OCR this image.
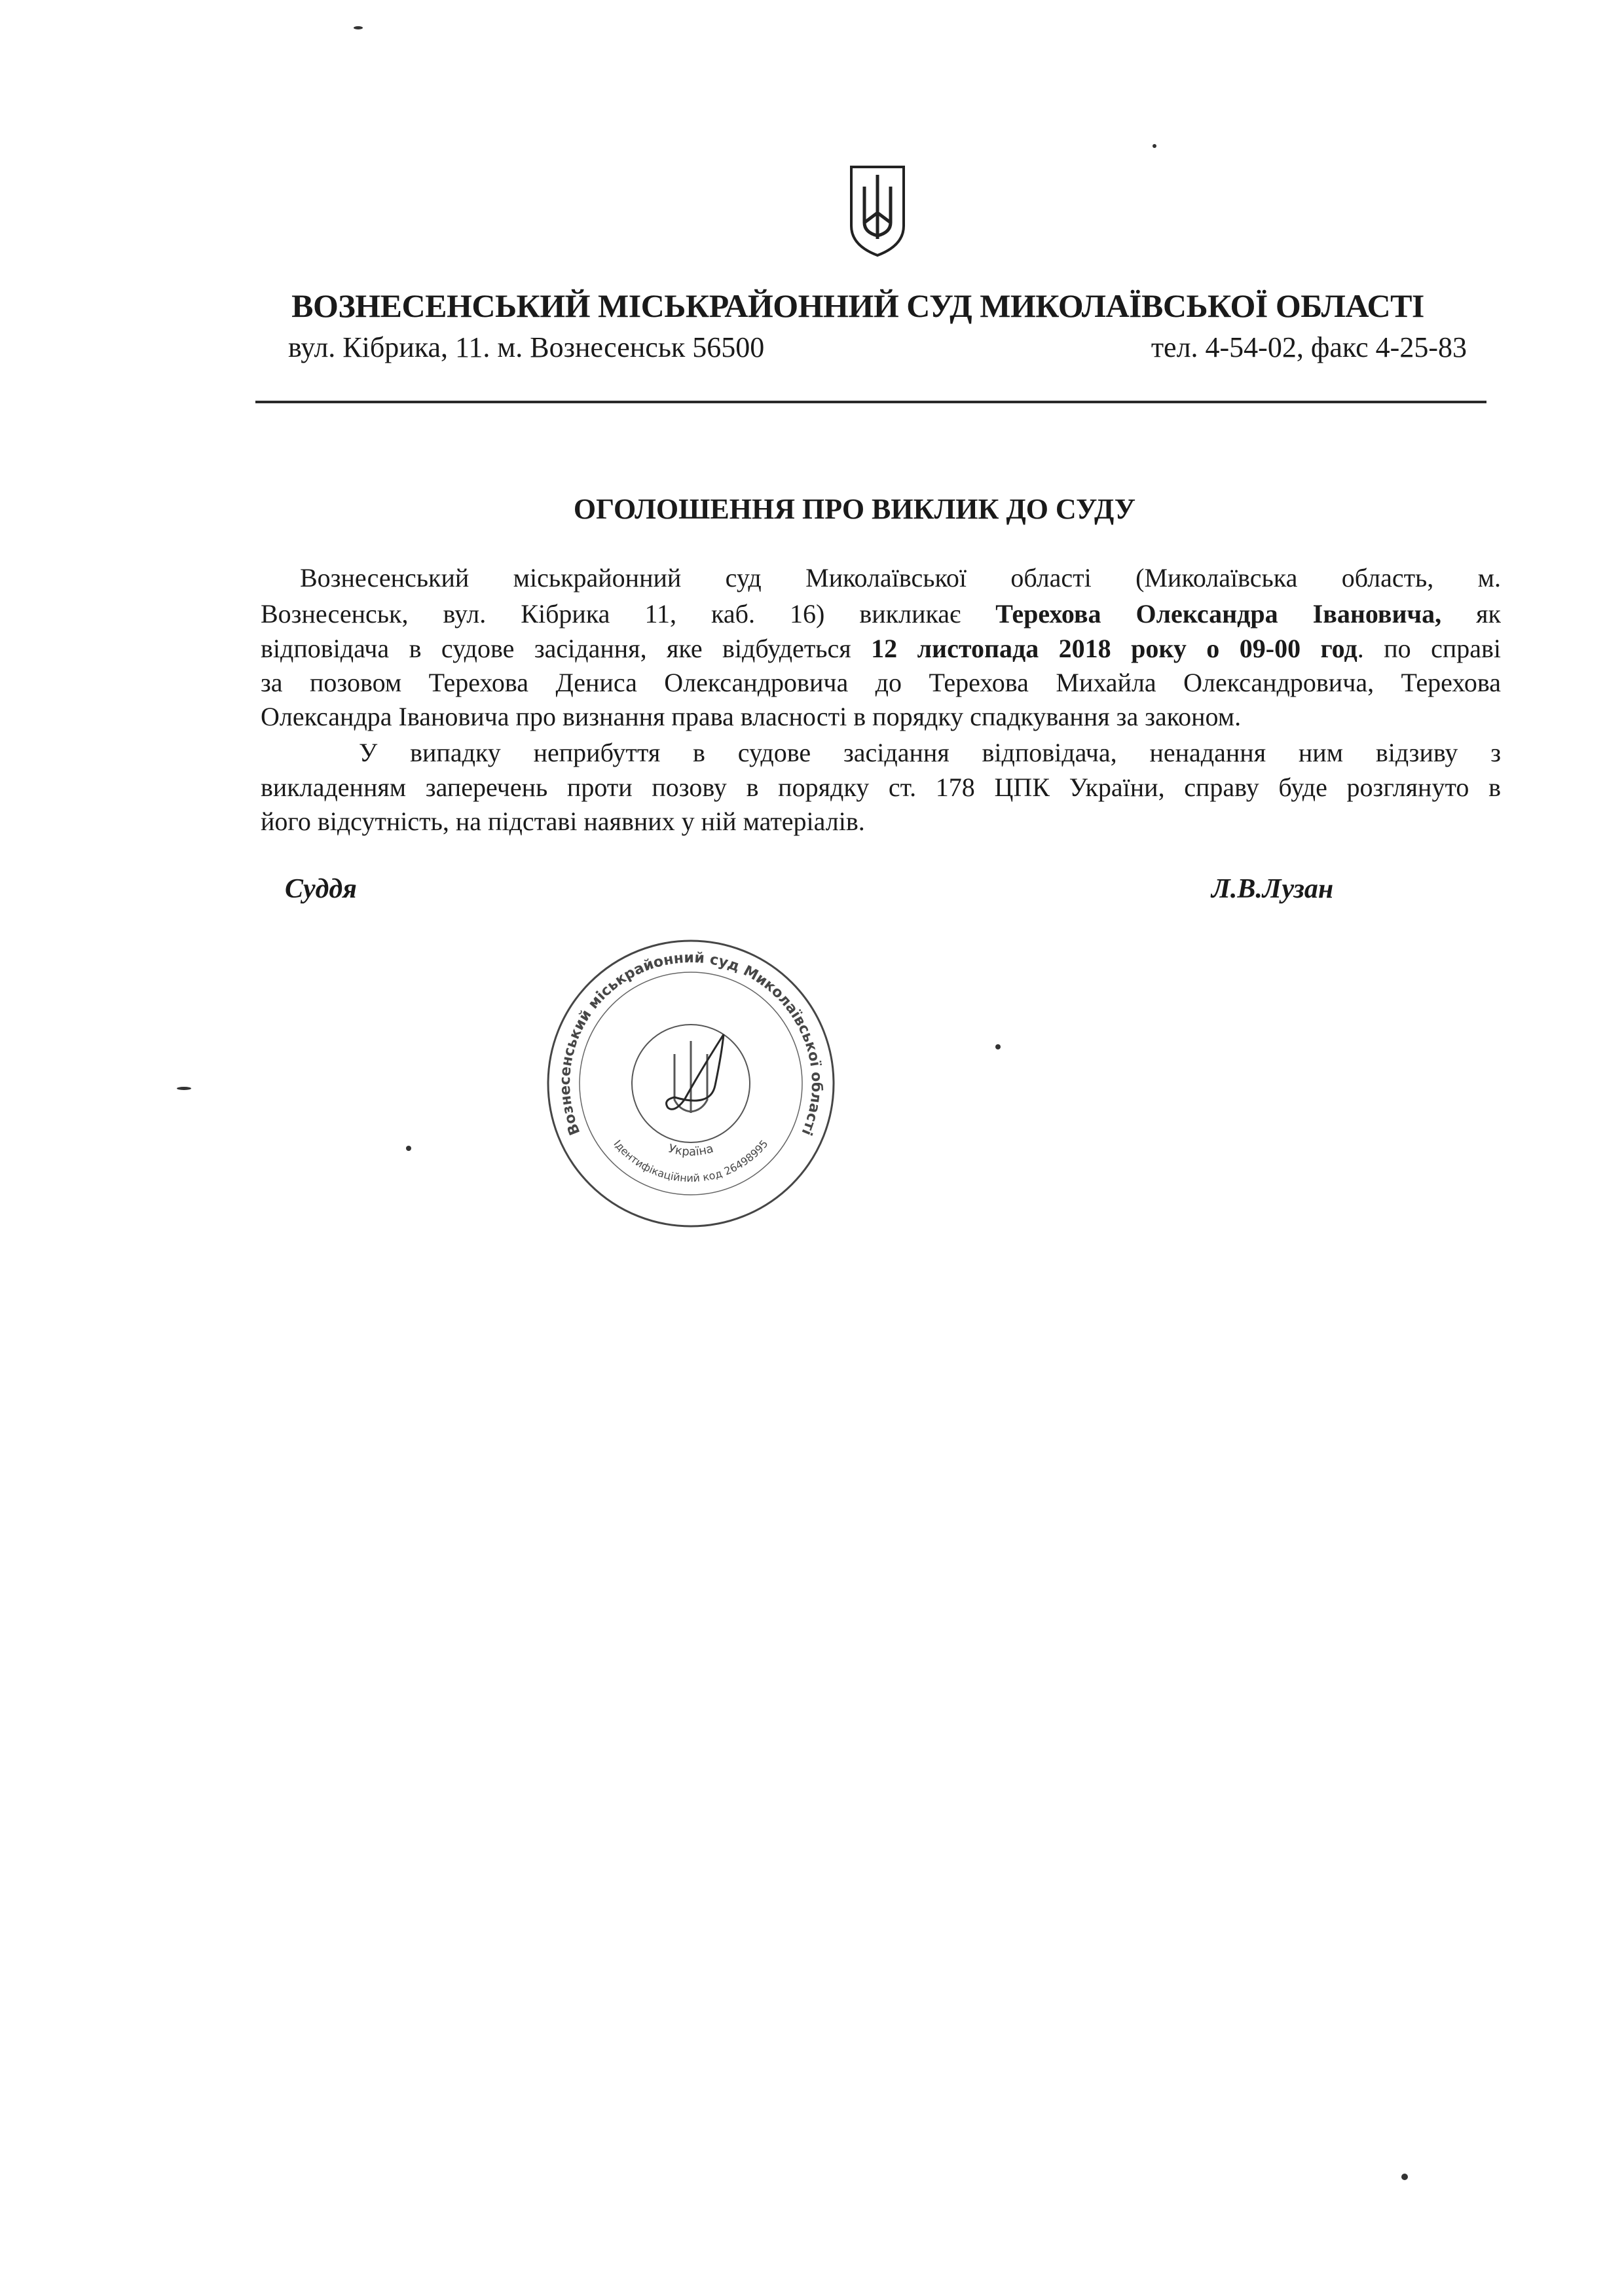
ВОЗНЕСЕНСЬКИЙ МІСЬКРАЙОННИЙ СУД МИКОЛАЇВСЬКОЇ ОБЛАСТІ
вул. Кібрика, 11. м. Вознесенськ 56500	тел. 4-54-02, факс 4-25-83
ОГОЛОШЕННЯ ПРО ВИКЛИК ДО СУДУ
Вознесенський міськрайонний суд Миколаївської області (Миколаївська область, м.
Вознесенськ, вул. Кібрика 11, каб. 16) викликає Терехова Олександра Івановича, як
відповідача в судове засідання, яке відбудеться 12 листопада 2018 року о 09-00 год. по справі
за позовом Терехова Дениса Олександровича до Терехова Михайла Олександровича, Терехова
Олександра Івановича про визнання права власності в порядку спадкування за законом.
У випадку неприбуття в судове засідання відповідача, ненадання ним відзиву з
викладенням заперечень проти позову в порядку ст. 178 ЦПК України, справу буде розглянуто в
його відсутність, на підставі наявних у ній матеріалів.
Суддя	Л.В.Лузан
Вознесенський міськрайонний суд Миколаївської області
Ідентифікаційний код 26498995
Україна
